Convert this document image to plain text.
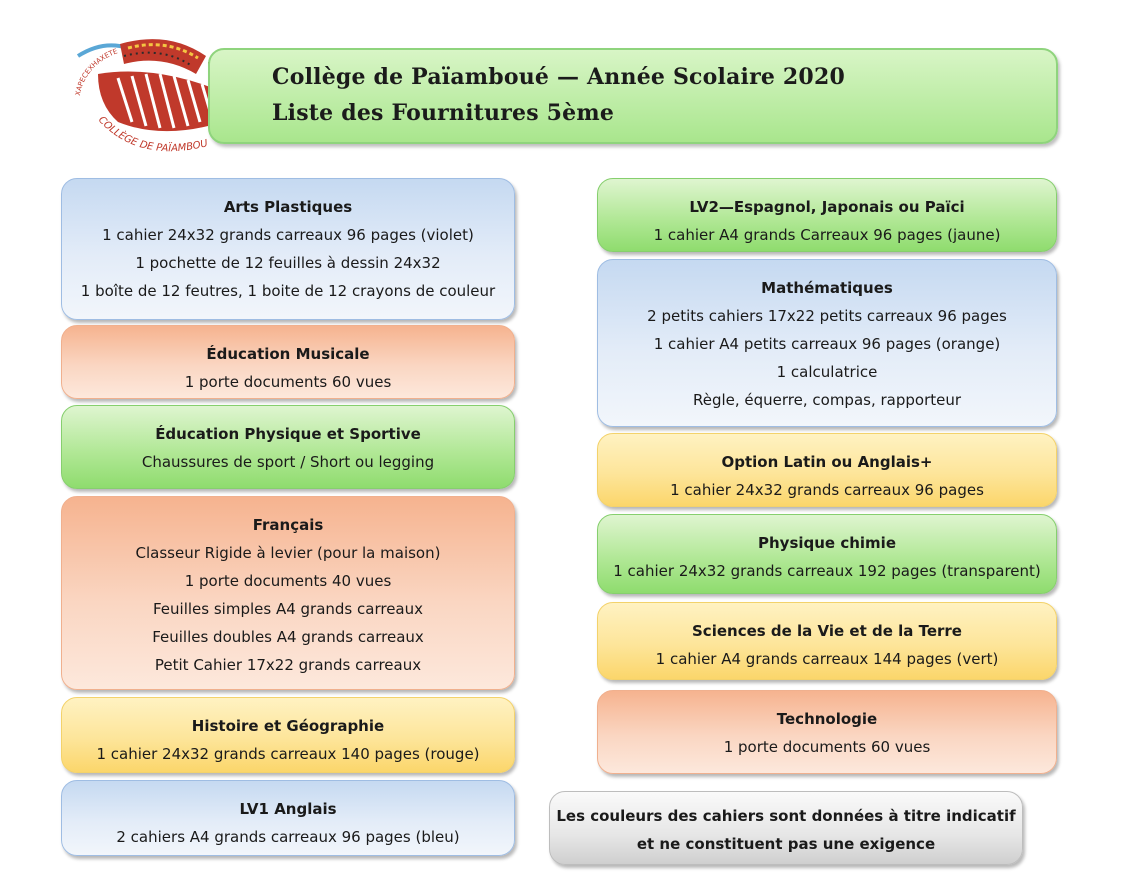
XAPECEXHAXETE
COLLÈGE DE PAÏAMBOU
Collège de Païamboué — Année Scolaire 2020
Liste des Fournitures 5ème
Arts Plastiques
1 cahier 24x32 grands carreaux 96 pages (violet)
1 pochette de 12 feuilles à dessin 24x32
1 boîte de 12 feutres, 1 boite de 12 crayons de couleur
Éducation Musicale
1 porte documents 60 vues
Éducation Physique et Sportive
Chaussures de sport / Short ou legging
Français
Classeur Rigide à levier (pour la maison)
1 porte documents 40 vues
Feuilles simples A4 grands carreaux
Feuilles doubles A4 grands carreaux
Petit Cahier 17x22 grands carreaux
Histoire et Géographie
1 cahier 24x32 grands carreaux 140 pages (rouge)
LV1 Anglais
2 cahiers A4 grands carreaux 96 pages (bleu)
LV2—Espagnol, Japonais ou Païci
1 cahier A4 grands Carreaux 96 pages (jaune)
Mathématiques
2 petits cahiers 17x22 petits carreaux 96 pages
1 cahier A4 petits carreaux 96 pages (orange)
1 calculatrice
Règle, équerre, compas, rapporteur
Option Latin ou Anglais+
1 cahier 24x32 grands carreaux 96 pages
Physique chimie
1 cahier 24x32 grands carreaux 192 pages (transparent)
Sciences de la Vie et de la Terre
1 cahier A4 grands carreaux 144 pages (vert)
Technologie
1 porte documents 60 vues
Les couleurs des cahiers sont données à titre indicatif
et ne constituent pas une exigence
